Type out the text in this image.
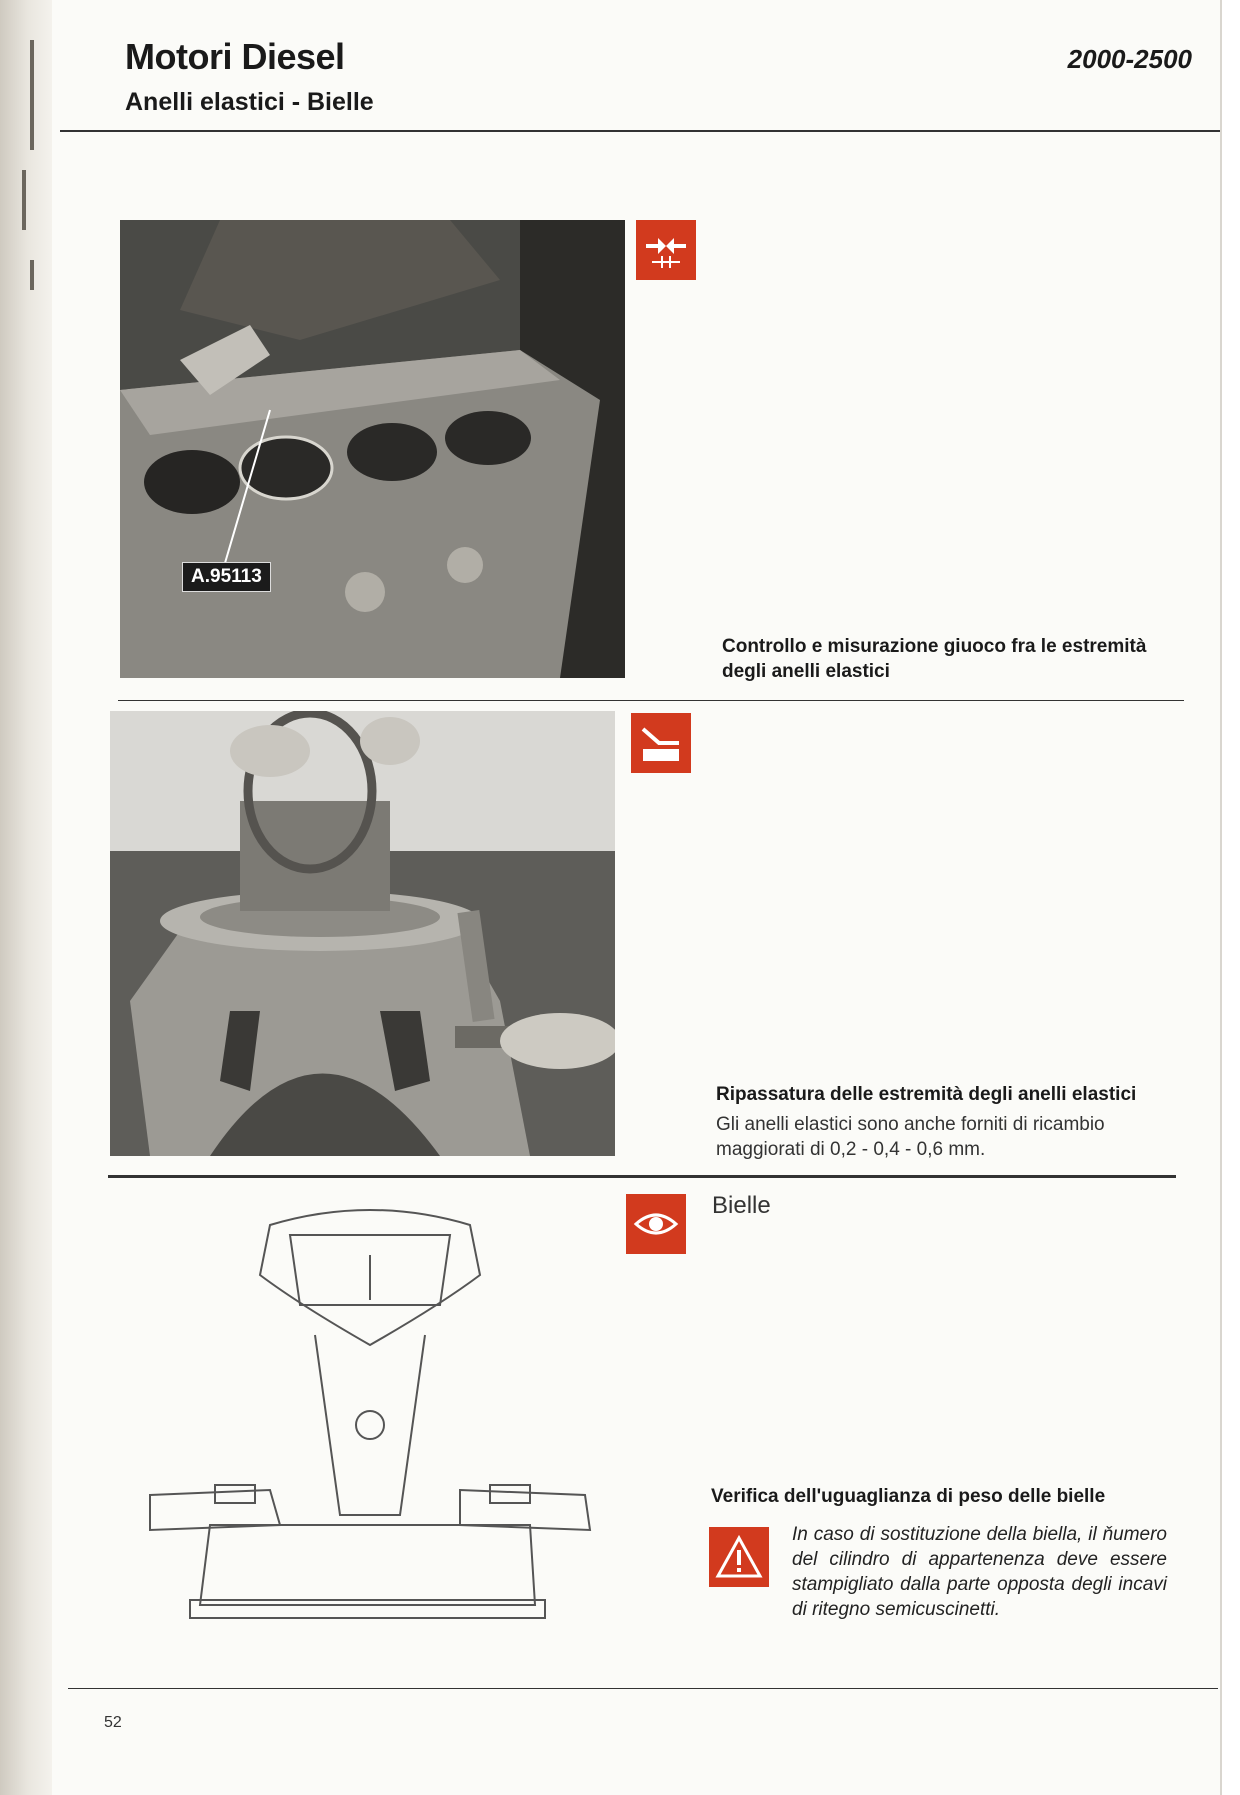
Motori Diesel
Anelli elastici - Bielle
2000-2500
A.95113
Controllo e misurazione giuoco fra le estremità degli anelli elastici
Ripassatura delle estremità degli anelli elastici
Gli anelli elastici sono anche forniti di ricambio maggiorati di 0,2 - 0,4 - 0,6 mm.
Bielle
Verifica dell'uguaglianza di peso delle bielle
In caso di sostituzione della biella, il ňumero del cilindro di appartenenza deve essere stampigliato dalla parte opposta degli incavi di ritegno semicuscinetti.
52
